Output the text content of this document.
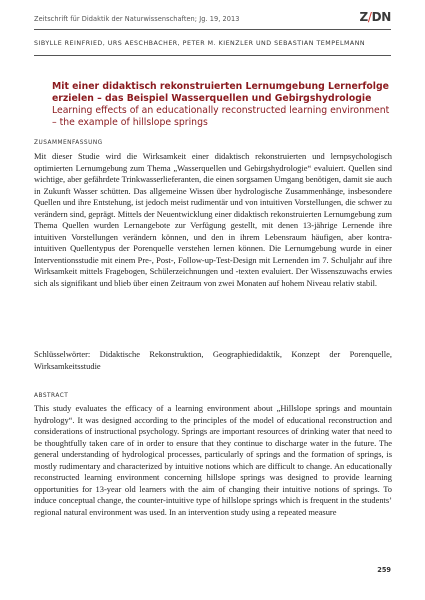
Zeitschrift für Didaktik der Naturwissenschaften; Jg. 19, 2013	Z/DN
SIBYLLE REINFRIED, URS AESCHBACHER, PETER M. KIENZLER UND SEBASTIAN TEMPELMANN
Mit einer didaktisch rekonstruierten Lernumgebung Lernerfolge erzielen – das Beispiel Wasserquellen und Gebirgshydrologie
Learning effects of an educationally reconstructed learning environment – the example of hillslope springs
ZUSAMMENFASSUNG

Mit dieser Studie wird die Wirksamkeit einer didaktisch rekonstruierten und lernpsychologisch optimierten Lernumgebung zum Thema „Wasserquellen und Gebirgshydrologie“ evaluiert. Quellen sind wichtige, aber gefährdete Trinkwasserlieferanten, die einen sorgsamen Umgang benötigen, damit sie auch in Zukunft Wasser schütten. Das allgemeine Wissen über hydrologische Zusammenhänge, insbesondere Quellen und ihre Entstehung, ist jedoch meist rudimentär und von intuitiven Vorstellungen, die schwer zu verändern sind, geprägt. Mittels der Neuentwicklung einer didaktisch rekonstruierten Lernumgebung zum Thema Quellen wurden Lernangebote zur Verfügung gestellt, mit denen 13-jährige Lernende ihre intuitiven Vorstellungen verändern können, und den in ihrem Lebensraum häufigen, aber kontra-intuitiven Quellentypus der Porenquelle verstehen lernen können. Die Lernumgebung wurde in einer Interventionsstudie mit einem Pre-, Post-, Follow-up-Test-Design mit Lernenden im 7. Schuljahr auf ihre Wirksamkeit mittels Fragebogen, Schülerzeichnungen und -texten evaluiert. Der Wissenszuwachs erwies sich als signifikant und blieb über einen Zeitraum von zwei Monaten auf hohem Niveau relativ stabil.

Schlüsselwörter: Didaktische Rekonstruktion, Geographiedidaktik, Konzept der Porenquelle, Wirksamkeitsstudie

ABSTRACT

This study evaluates the efficacy of a learning environment about „Hillslope springs and mountain hydrology“. It was designed according to the principles of the model of educational reconstruction and considerations of instructional psychology. Springs are important resources of drinking water that need to be thoughtfully taken care of in order to ensure that they continue to discharge water in the future. The general understanding of hydrological processes, particularly of springs and the formation of springs, is mostly rudimentary and characterized by intuitive notions which are difficult to change. An educationally reconstructed learning environment concerning hillslope springs was designed to provide learning opportunities for 13-year old learners with the aim of changing their intuitive notions of springs. To induce conceptual change, the counter-intuitive type of hillslope springs which is frequent in the students’ regional natural environment was used. In an intervention study using a repeated measure

259
